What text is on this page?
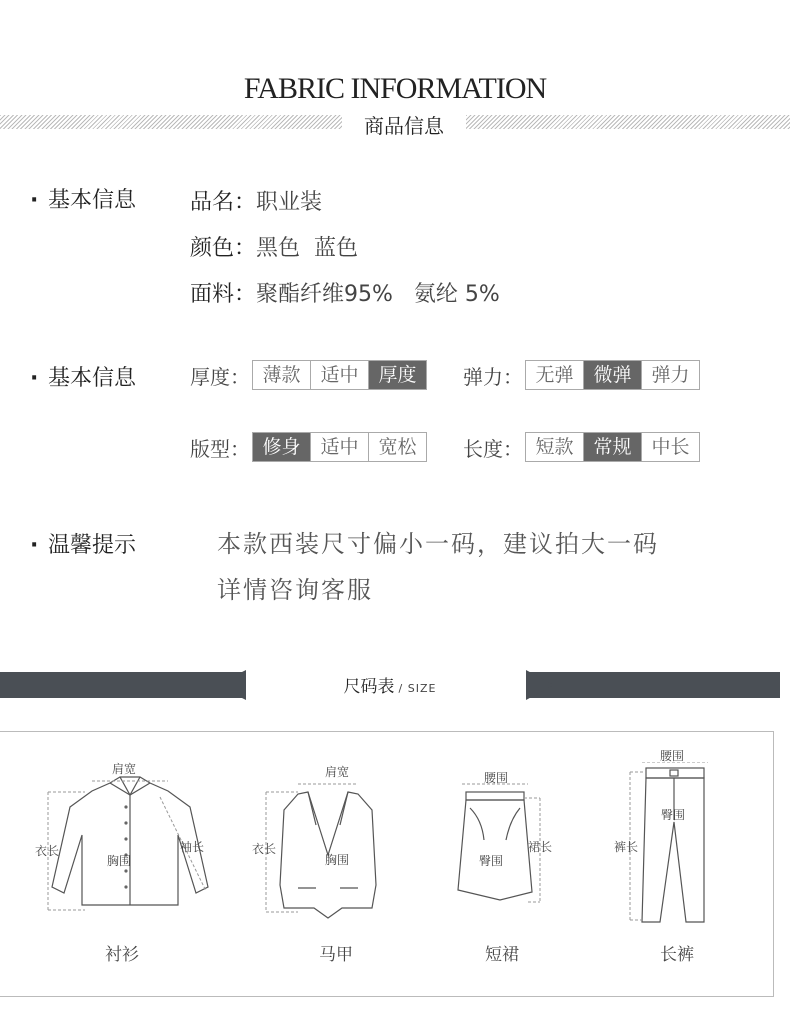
FABRIC INFORMATION
商品信息
· 基本信息 品名：职业装
颜色：黑色  蓝色
面料：聚酯纤维95%   氨纶 5%
· 基本信息	厚度： 薄款	适中	厚度	弹力： 无弹	微弹	弹力
版型： 修身	适中	宽松	长度： 短款	常规	中长
· 温馨提示	本款西装尺寸偏小一码，建议拍大一码
详情咨询客服
尺码表 / SIZE
肩宽
衣长
胸围
袖长
衬衫
肩宽
衣长
胸围
马甲
腰围
裙长
臀围
短裙
腰围
裤长
臀围
长裤
